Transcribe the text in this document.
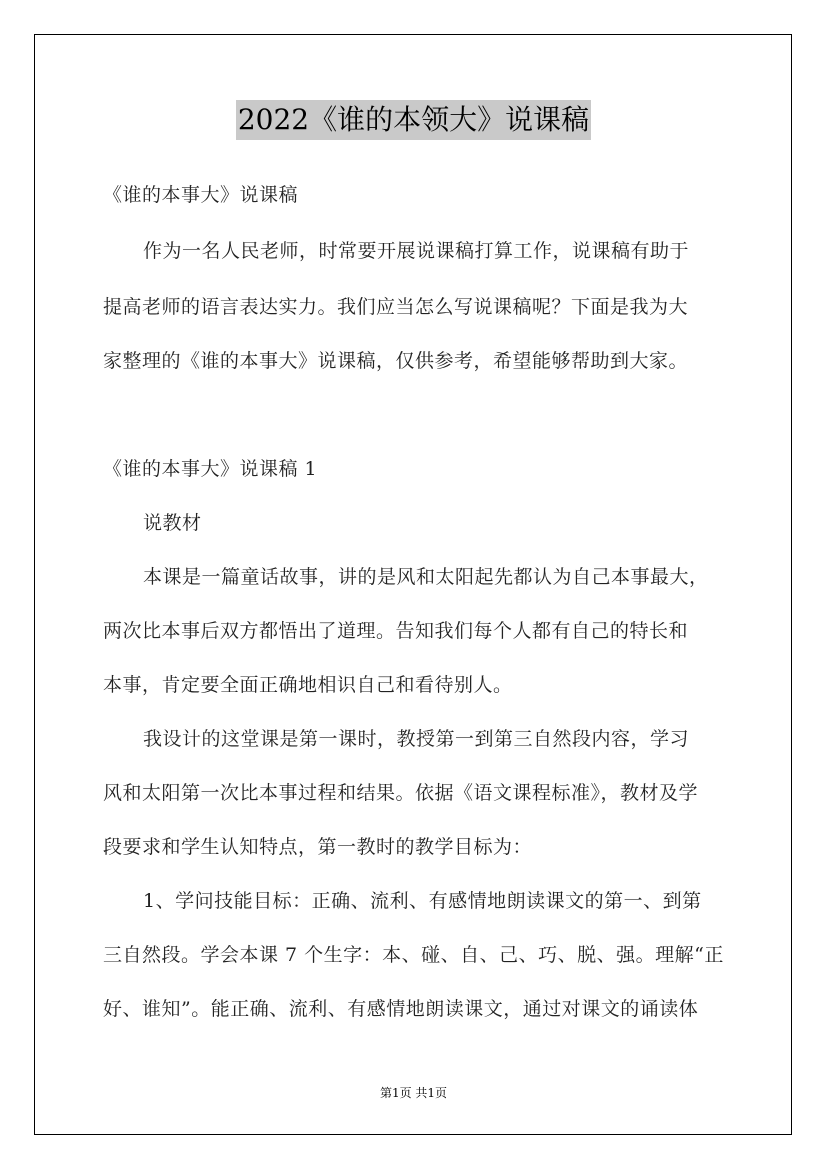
2022《谁的本领大》说课稿
《谁的本事大》说课稿
作为一名人民老师，时常要开展说课稿打算工作，说课稿有助于
提高老师的语言表达实力。我们应当怎么写说课稿呢？下面是我为大
家整理的《谁的本事大》说课稿，仅供参考，希望能够帮助到大家。
《谁的本事大》说课稿 1
说教材
本课是一篇童话故事，讲的是风和太阳起先都认为自己本事最大，
两次比本事后双方都悟出了道理。告知我们每个人都有自己的特长和
本事，肯定要全面正确地相识自己和看待别人。
我设计的这堂课是第一课时，教授第一到第三自然段内容，学习
风和太阳第一次比本事过程和结果。依据《语文课程标准》，教材及学
段要求和学生认知特点，第一教时的教学目标为：
1、学问技能目标：正确、流利、有感情地朗读课文的第一、到第
三自然段。学会本课 7 个生字：本、碰、自、己、巧、脱、强。理解“正
好、谁知”。能正确、流利、有感情地朗读课文，通过对课文的诵读体
第1页 共1页
